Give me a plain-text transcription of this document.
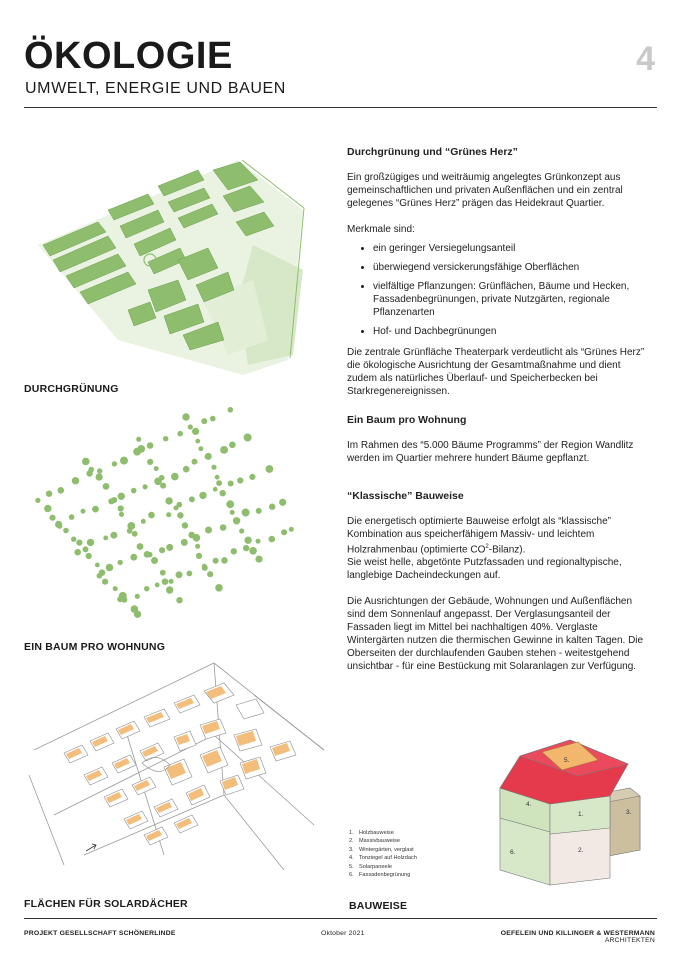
ÖKOLOGIE
UMWELT, ENERGIE UND BAUEN
4
DURCHGRÜNUNG
EIN BAUM PRO WOHNUNG
FLÄCHEN FÜR SOLARDÄCHER
Durchgrünung und “Grünes Herz”

Ein großzügiges und weiträumig angelegtes Grünkonzept aus gemeinschaftlichen und privaten Außenflächen und ein zentral gelegenes “Grünes Herz” prägen das Heidekraut Quartier.

Merkmale sind:

• ein geringer Versiegelungsanteil
• überwiegend versickerungsfähige Oberflächen
• vielfältige Pflanzungen: Grünflächen, Bäume und Hecken, Fassadenbegrünungen, private Nutzgärten, regionale Pflanzenarten
• Hof- und Dachbegrünungen

Die zentrale Grünfläche Theaterpark verdeutlicht als “Grünes Herz” die ökologische Ausrichtung der Gesamtmaßnahme und dient zudem als natürliches Überlauf- und Speicherbecken bei Starkregenereignissen.

Ein Baum pro Wohnung

Im Rahmen des “5.000 Bäume Programms” der Region Wandlitz werden im Quartier mehrere hundert Bäume gepflanzt.

“Klassische” Bauweise

Die energetisch optimierte Bauweise erfolgt als “klassische” Kombination aus speicherfähigem Massiv- und leichtem Holzrahmenbau (optimierte $CO^2-Bilanz$).
Sie weist helle, abgetönte Putzfassaden und regionaltypische, langlebige Dacheindeckungen auf.

Die Ausrichtungen der Gebäude, Wohnungen und Außenflächen sind dem Sonnenlauf angepasst. Der Verglasungsanteil der Fassaden liegt im Mittel bei nachhaltigen 40%. Verglaste Wintergärten nutzen die thermischen Gewinne in kalten Tagen. Die Oberseiten der durchlaufenden Gauben stehen - weitestgehend unsichtbar - für eine Bestückung mit Solaranlagen zur Verfügung.

5.
4.
1.	3.
2.
6.
1. Holzbauweise
2. Massivbauweise
3. Wintergärten, verglast
4. Tonziegel auf Holzdach
5. Solarpaneele
6. Fassadenbegrünung
BAUWEISE
PROJEKT GESELLSCHAFT SCHÖNERLINDE	Oktober 2021	OEFELEIN UND KILLINGER & WESTERMANN
ARCHITEKTEN
